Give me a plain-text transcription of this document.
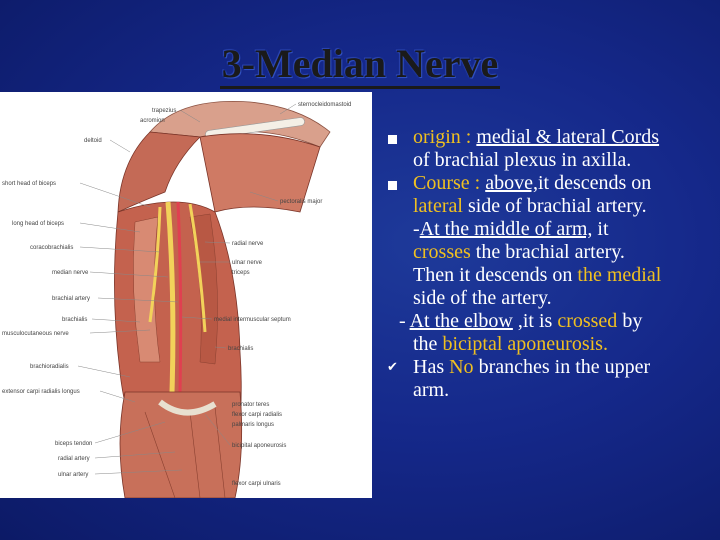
3-Median Nerve
trapezius
acromion
deltoid
short head of biceps
long head of biceps
coracobrachialis
median nerve
brachial artery
brachialis
musculocutaneous nerve
brachioradialis
extensor carpi radialis longus
biceps tendon
radial artery
ulnar artery
sternocleidomastoid
pectoralis major
radial nerve
ulnar nerve
triceps
medial intermuscular septum
brachialis
pronator teres
flexor carpi radialis
palmaris longus
bicipital aponeurosis
flexor carpi ulnaris
origin : medial & lateral Cords
of brachial plexus in axilla.
Course : above,it descends on
lateral side of brachial artery.
-At the middle of arm, it
crosses the brachial artery.
Then it descends on the medial
side of the artery.
- At the elbow ,it is crossed by
the biciptal aponeurosis.
✔ Has No branches in the upper
arm.
